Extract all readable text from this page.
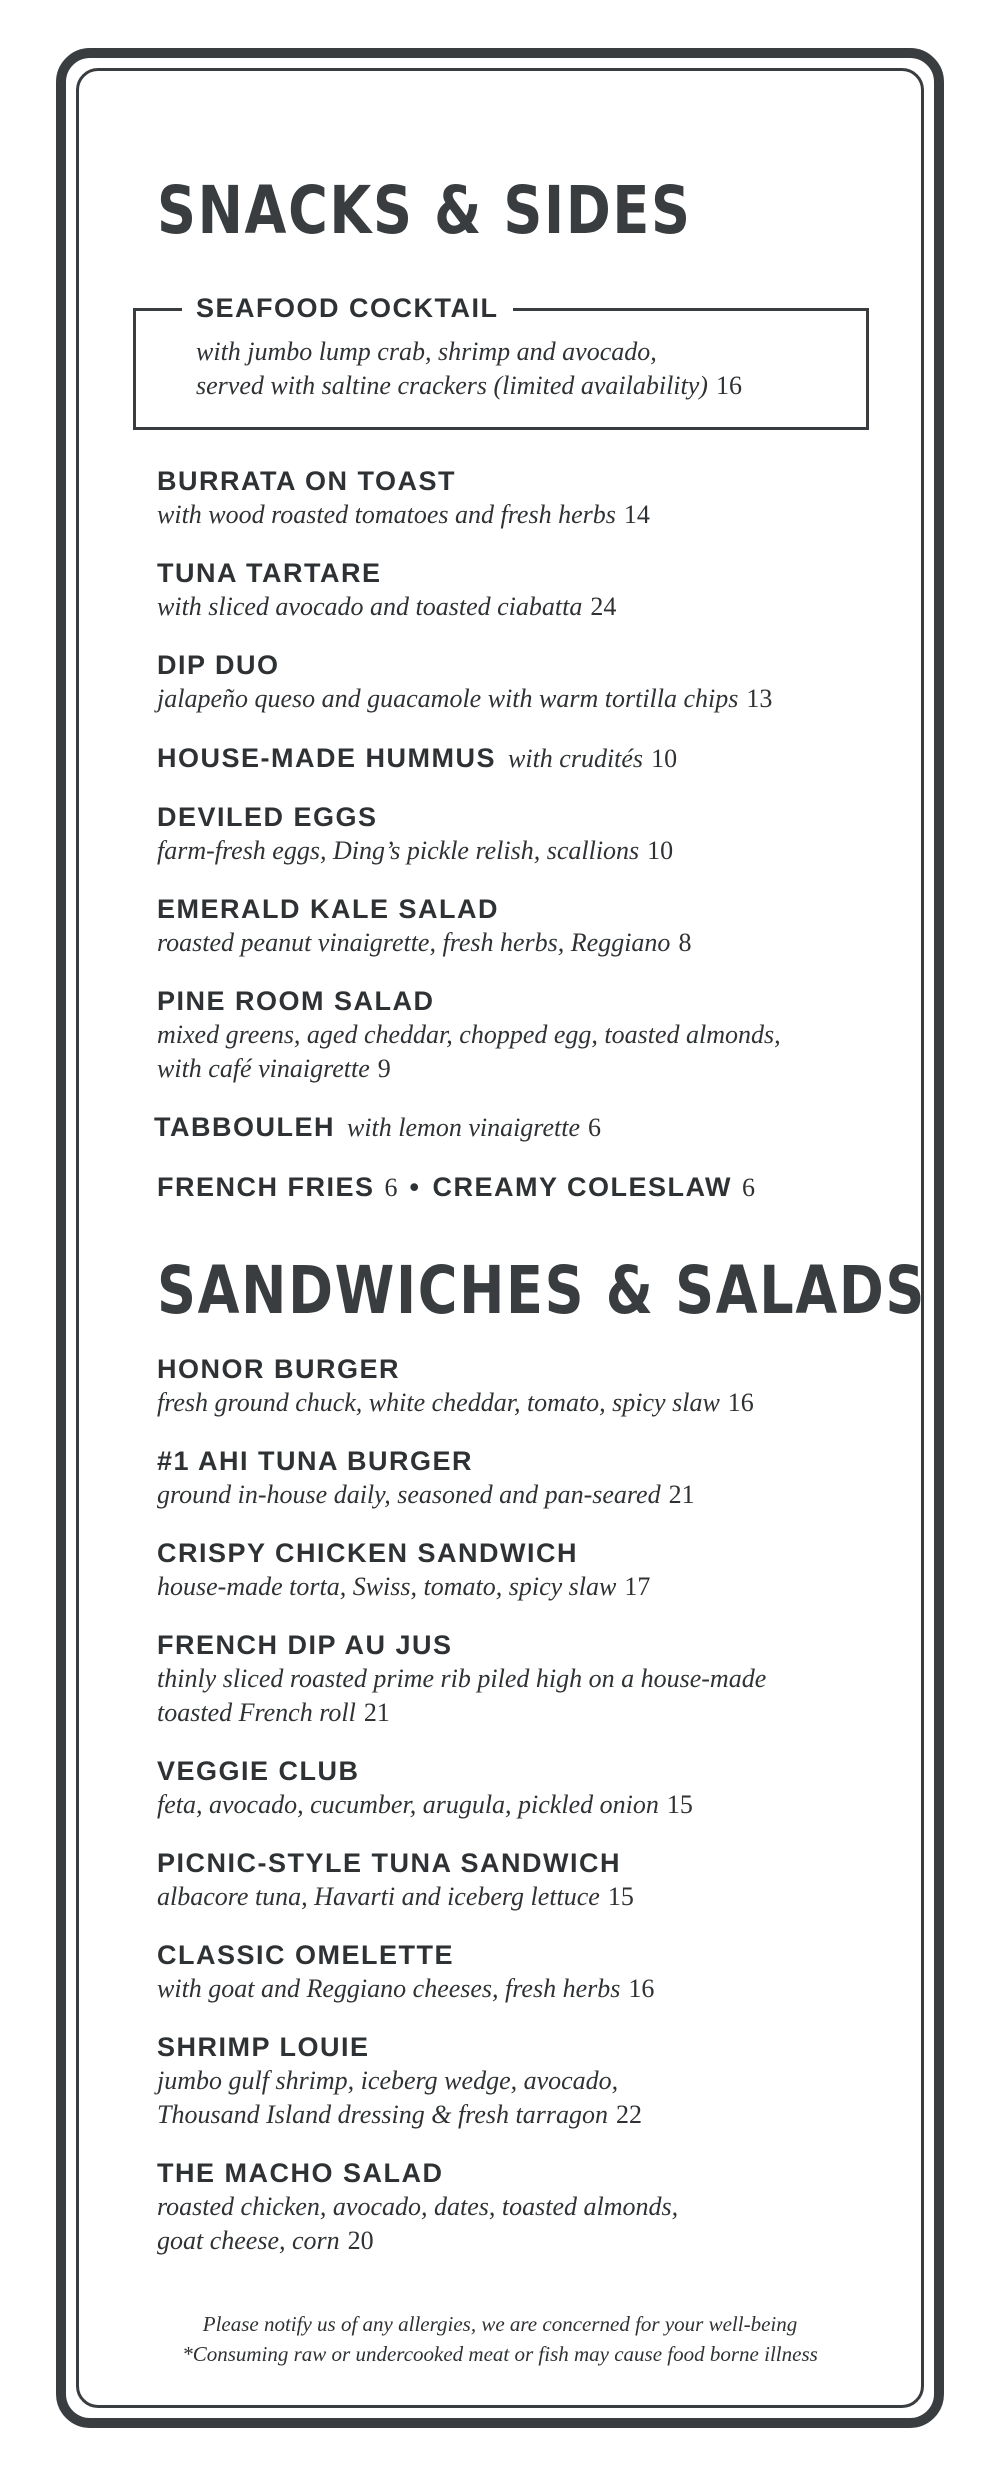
SNACKS & SIDES
SEAFOOD COCKTAIL
with jumbo lump crab, shrimp and avocado,
served with saltine crackers (limited availability) 16
BURRATA ON TOAST
with wood roasted tomatoes and fresh herbs 14
TUNA TARTARE
with sliced avocado and toasted ciabatta 24
DIP DUO
jalapeño queso and guacamole with warm tortilla chips 13
HOUSE-MADE HUMMUS with crudités 10
DEVILED EGGS
farm-fresh eggs, Ding’s pickle relish, scallions 10
EMERALD KALE SALAD
roasted peanut vinaigrette, fresh herbs, Reggiano 8
PINE ROOM SALAD
mixed greens, aged cheddar, chopped egg, toasted almonds,
with café vinaigrette 9
TABBOULEH with lemon vinaigrette 6
FRENCH FRIES 6 • CREAMY COLESLAW 6
SANDWICHES & SALADS
HONOR BURGER
fresh ground chuck, white cheddar, tomato, spicy slaw 16
#1 AHI TUNA BURGER
ground in-house daily, seasoned and pan-seared 21
CRISPY CHICKEN SANDWICH
house-made torta, Swiss, tomato, spicy slaw 17
FRENCH DIP AU JUS
thinly sliced roasted prime rib piled high on a house-made
toasted French roll 21
VEGGIE CLUB
feta, avocado, cucumber, arugula, pickled onion 15
PICNIC-STYLE TUNA SANDWICH
albacore tuna, Havarti and iceberg lettuce 15
CLASSIC OMELETTE
with goat and Reggiano cheeses, fresh herbs 16
SHRIMP LOUIE
jumbo gulf shrimp, iceberg wedge, avocado,
Thousand Island dressing & fresh tarragon 22
THE MACHO SALAD
roasted chicken, avocado, dates, toasted almonds,
goat cheese, corn 20
Please notify us of any allergies, we are concerned for your well-being
*Consuming raw or undercooked meat or fish may cause food borne illness
